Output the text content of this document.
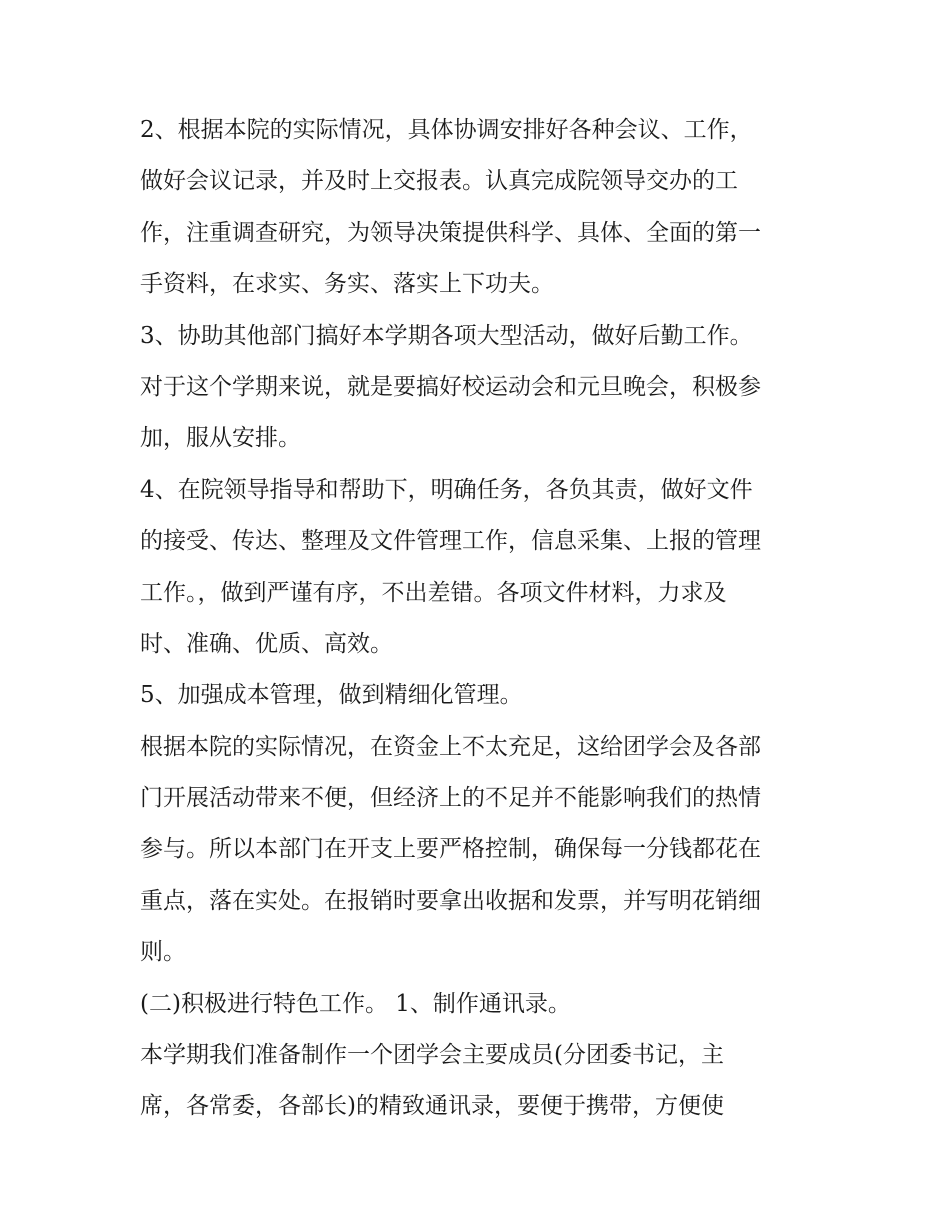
2、根据本院的实际情况，具体协调安排好各种会议、工作，
做好会议记录，并及时上交报表。认真完成院领导交办的工
作，注重调查研究，为领导决策提供科学、具体、全面的第一
手资料，在求实、务实、落实上下功夫。
3、协助其他部门搞好本学期各项大型活动，做好后勤工作。
对于这个学期来说，就是要搞好校运动会和元旦晚会，积极参
加，服从安排。
4、在院领导指导和帮助下，明确任务，各负其责，做好文件
的接受、传达、整理及文件管理工作，信息采集、上报的管理
工作。，做到严谨有序，不出差错。各项文件材料，力求及
时、准确、优质、高效。
5、加强成本管理，做到精细化管理。
根据本院的实际情况，在资金上不太充足，这给团学会及各部
门开展活动带来不便，但经济上的不足并不能影响我们的热情
参与。所以本部门在开支上要严格控制，确保每一分钱都花在
重点，落在实处。在报销时要拿出收据和发票，并写明花销细
则。
(二)积极进行特色工作。 1、制作通讯录。
本学期我们准备制作一个团学会主要成员(分团委书记，主
席，各常委，各部长)的精致通讯录，要便于携带，方便使
